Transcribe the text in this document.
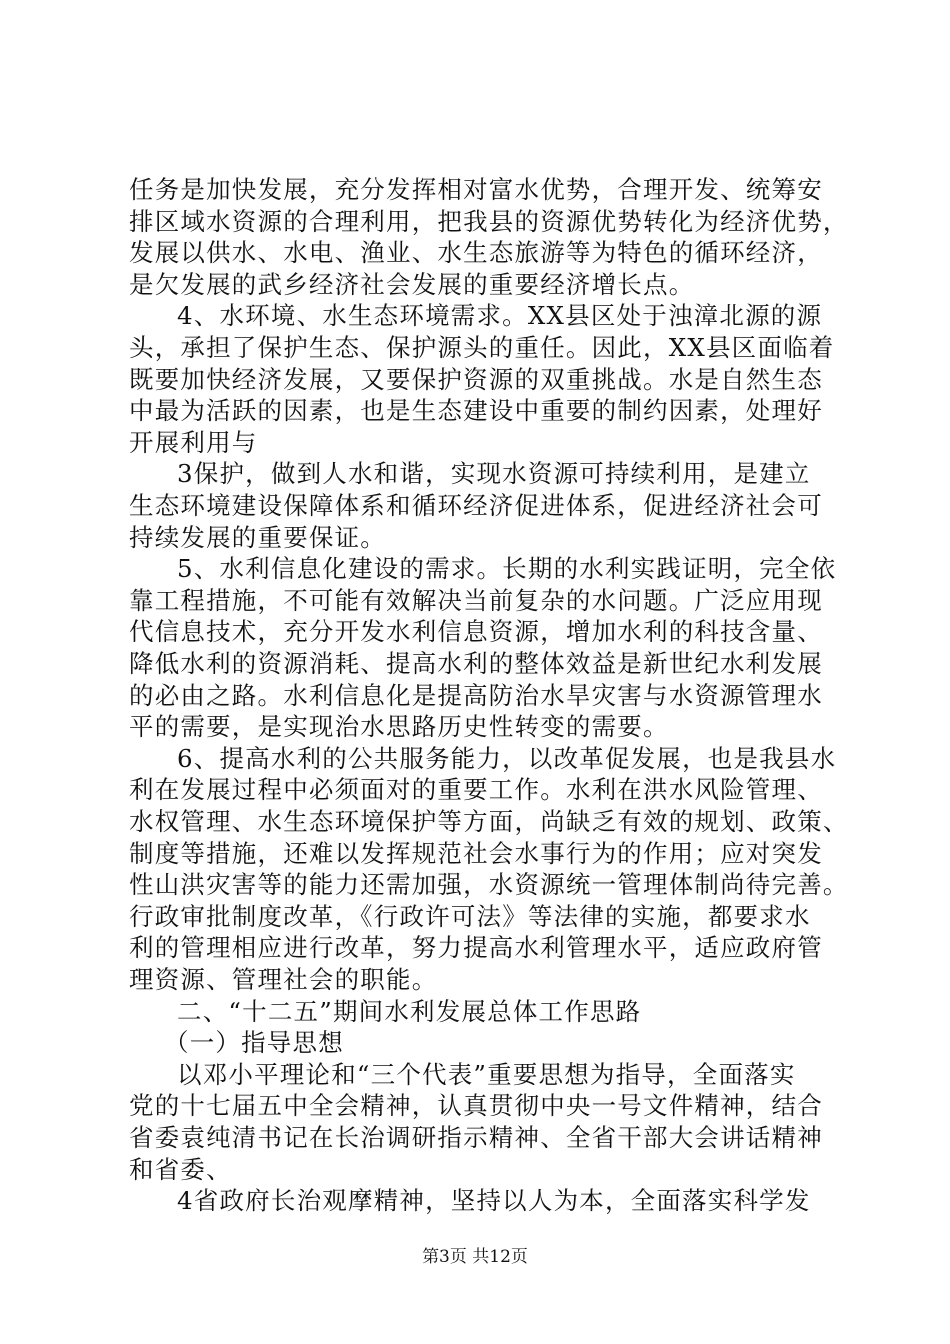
任务是加快发展，充分发挥相对富水优势，合理开发、统筹安
排区域水资源的合理利用，把我县的资源优势转化为经济优势，
发展以供水、水电、渔业、水生态旅游等为特色的循环经济，
是欠发展的武乡经济社会发展的重要经济增长点。
4、水环境、水生态环境需求。XX县区处于浊漳北源的源
头，承担了保护生态、保护源头的重任。因此，XX县区面临着
既要加快经济发展，又要保护资源的双重挑战。水是自然生态
中最为活跃的因素，也是生态建设中重要的制约因素，处理好
开展利用与
3保护，做到人水和谐，实现水资源可持续利用，是建立
生态环境建设保障体系和循环经济促进体系，促进经济社会可
持续发展的重要保证。
5、水利信息化建设的需求。长期的水利实践证明，完全依
靠工程措施，不可能有效解决当前复杂的水问题。广泛应用现
代信息技术，充分开发水利信息资源，增加水利的科技含量、
降低水利的资源消耗、提高水利的整体效益是新世纪水利发展
的必由之路。水利信息化是提高防治水旱灾害与水资源管理水
平的需要，是实现治水思路历史性转变的需要。
6、提高水利的公共服务能力，以改革促发展，也是我县水
利在发展过程中必须面对的重要工作。水利在洪水风险管理、
水权管理、水生态环境保护等方面，尚缺乏有效的规划、政策、
制度等措施，还难以发挥规范社会水事行为的作用；应对突发
性山洪灾害等的能力还需加强，水资源统一管理体制尚待完善。
行政审批制度改革，《行政许可法》等法律的实施，都要求水
利的管理相应进行改革，努力提高水利管理水平，适应政府管
理资源、管理社会的职能。
二、“十二五”期间水利发展总体工作思路
（一）指导思想
以邓小平理论和“三个代表”重要思想为指导，全面落实
党的十七届五中全会精神，认真贯彻中央一号文件精神，结合
省委袁纯清书记在长治调研指示精神、全省干部大会讲话精神
和省委、
4省政府长治观摩精神，坚持以人为本，全面落实科学发
第3页 共12页
